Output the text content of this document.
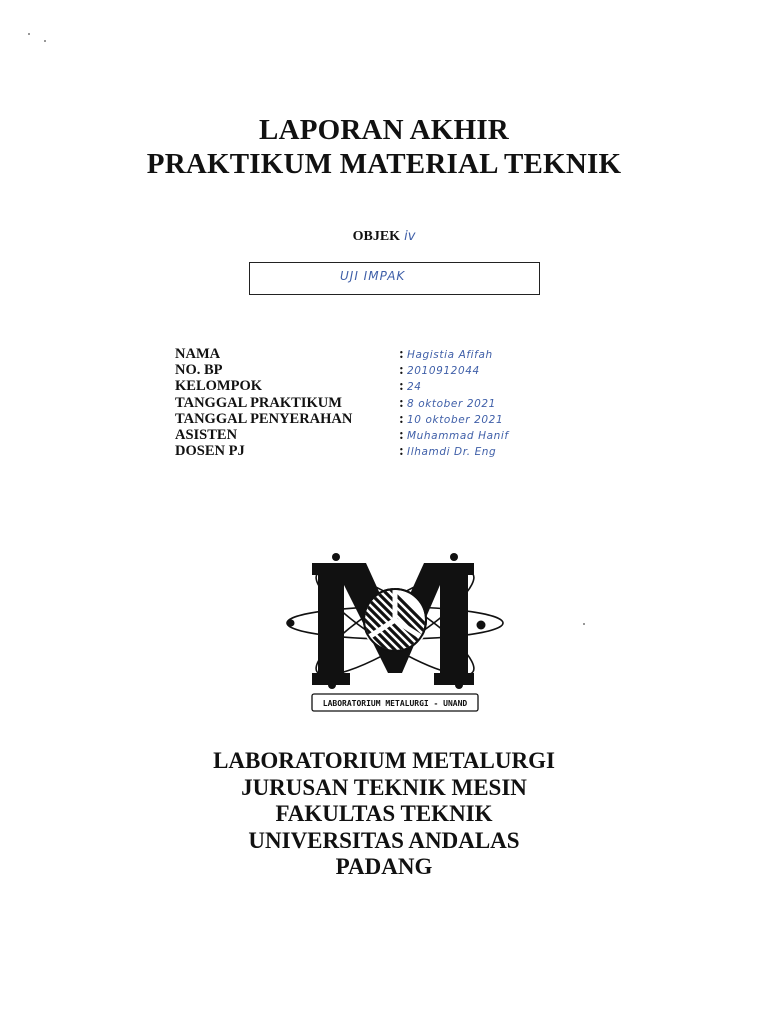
LAPORAN AKHIR
PRAKTIKUM MATERIAL TEKNIK
OBJEK iv
UJI IMPAK
NAMA	: Hagistia Afifah
NO. BP	: 2010912044
KELOMPOK	: 24
TANGGAL PRAKTIKUM	: 8 oktober 2021
TANGGAL PENYERAHAN	: 10 oktober 2021
ASISTEN	: Muhammad Hanif
DOSEN PJ	: Ilhamdi Dr. Eng
LABORATORIUM METALURGI - UNAND
LABORATORIUM METALURGI
JURUSAN TEKNIK MESIN
FAKULTAS TEKNIK
UNIVERSITAS ANDALAS
PADANG
